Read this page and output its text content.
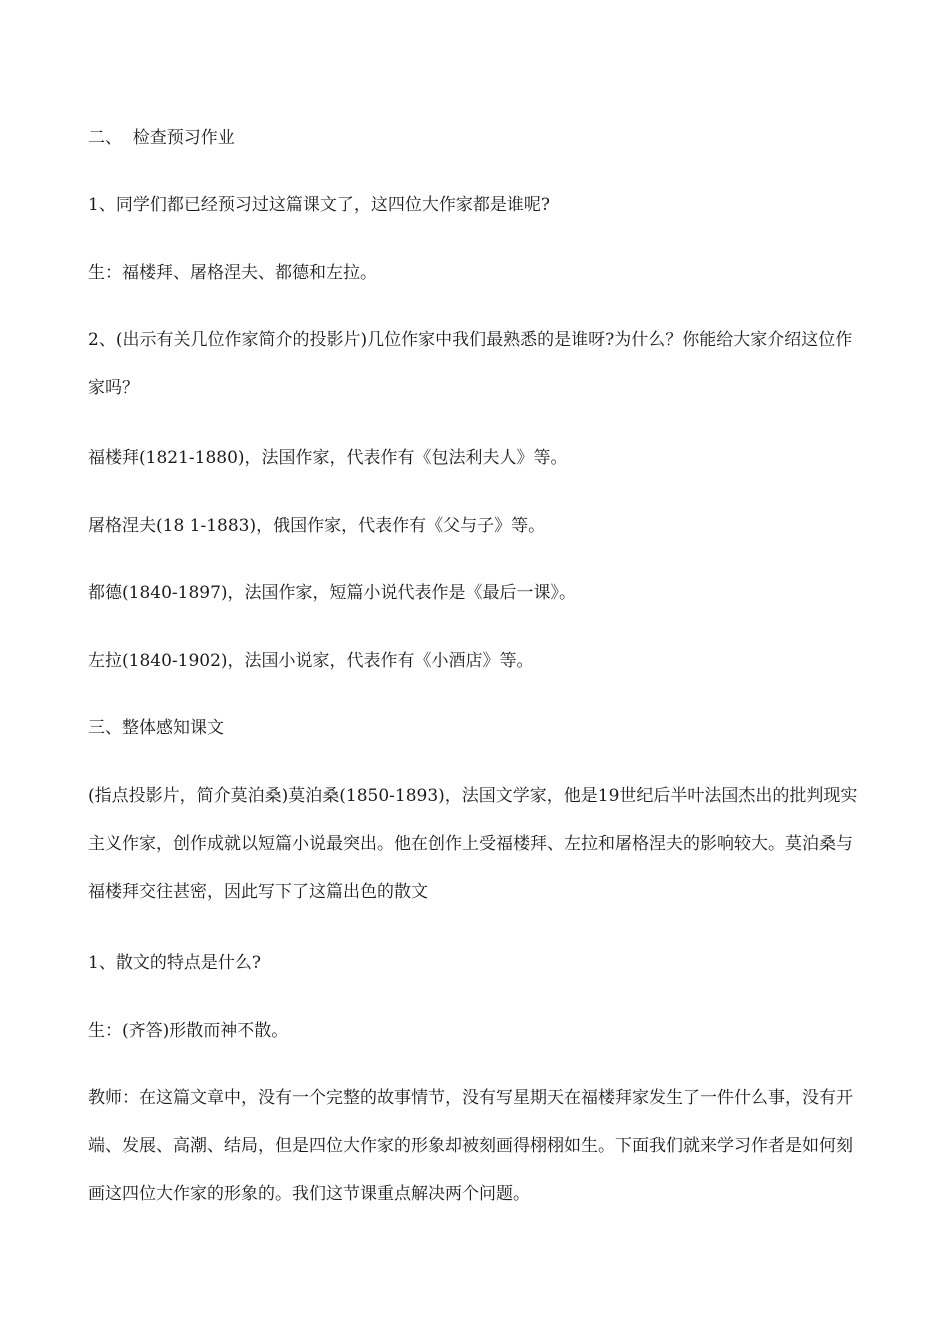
二、  检查预习作业

1、同学们都已经预习过这篇课文了，这四位大作家都是谁呢?

生：福楼拜、屠格涅夫、都德和左拉。

2、(出示有关几位作家简介的投影片)几位作家中我们最熟悉的是谁呀?为什么？你能给大家介绍这位作家吗？

福楼拜(1821-1880)，法国作家，代表作有《包法利夫人》等。

屠格涅夫(18 1-1883)，俄国作家，代表作有《父与子》等。

都德(1840-1897)，法国作家，短篇小说代表作是《最后一课》。

左拉(1840-1902)，法国小说家，代表作有《小酒店》等。

三、整体感知课文

(指点投影片，简介莫泊桑)莫泊桑(1850-1893)，法国文学家，他是19世纪后半叶法国杰出的批判现实主义作家，创作成就以短篇小说最突出。他在创作上受福楼拜、左拉和屠格涅夫的影响较大。莫泊桑与福楼拜交往甚密，因此写下了这篇出色的散文

1、散文的特点是什么?

生：(齐答)形散而神不散。

教师：在这篇文章中，没有一个完整的故事情节，没有写星期天在福楼拜家发生了一件什么事，没有开端、发展、高潮、结局，但是四位大作家的形象却被刻画得栩栩如生。下面我们就来学习作者是如何刻画这四位大作家的形象的。我们这节课重点解决两个问题。
